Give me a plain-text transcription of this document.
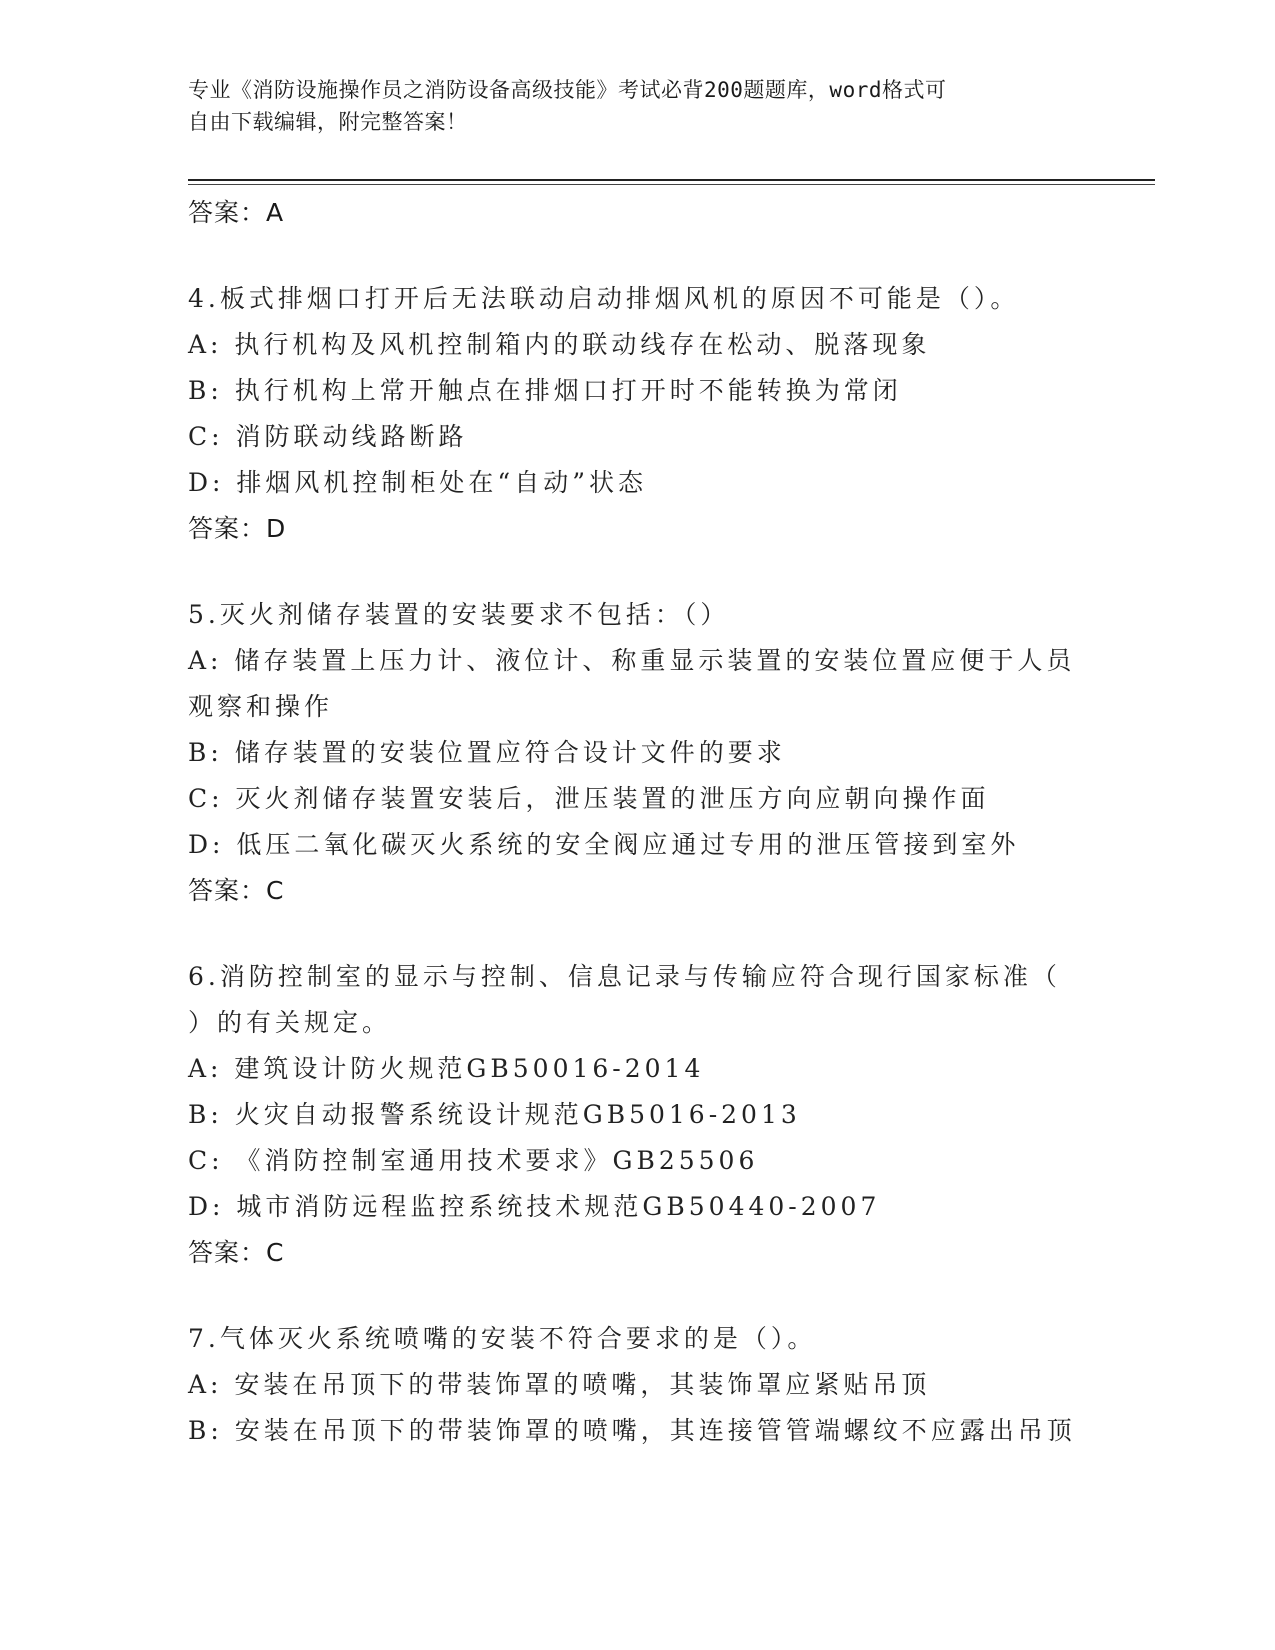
专业《消防设施操作员之消防设备高级技能》考试必背200题题库，word格式可
自由下载编辑，附完整答案！
答案：A
4.板式排烟口打开后无法联动启动排烟风机的原因不可能是（）。
A: 执行机构及风机控制箱内的联动线存在松动、脱落现象
B: 执行机构上常开触点在排烟口打开时不能转换为常闭
C: 消防联动线路断路
D: 排烟风机控制柜处在“自动”状态
答案：D
5.灭火剂储存装置的安装要求不包括：（）
A: 储存装置上压力计、液位计、称重显示装置的安装位置应便于人员
观察和操作
B: 储存装置的安装位置应符合设计文件的要求
C: 灭火剂储存装置安装后，泄压装置的泄压方向应朝向操作面
D: 低压二氧化碳灭火系统的安全阀应通过专用的泄压管接到室外
答案：C
6.消防控制室的显示与控制、信息记录与传输应符合现行国家标准（
）的有关规定。
A: 建筑设计防火规范GB50016-2014
B: 火灾自动报警系统设计规范GB5016-2013
C: 《消防控制室通用技术要求》GB25506
D: 城市消防远程监控系统技术规范GB50440-2007
答案：C
7.气体灭火系统喷嘴的安装不符合要求的是（）。
A: 安装在吊顶下的带装饰罩的喷嘴，其装饰罩应紧贴吊顶
B: 安装在吊顶下的带装饰罩的喷嘴，其连接管管端螺纹不应露出吊顶
